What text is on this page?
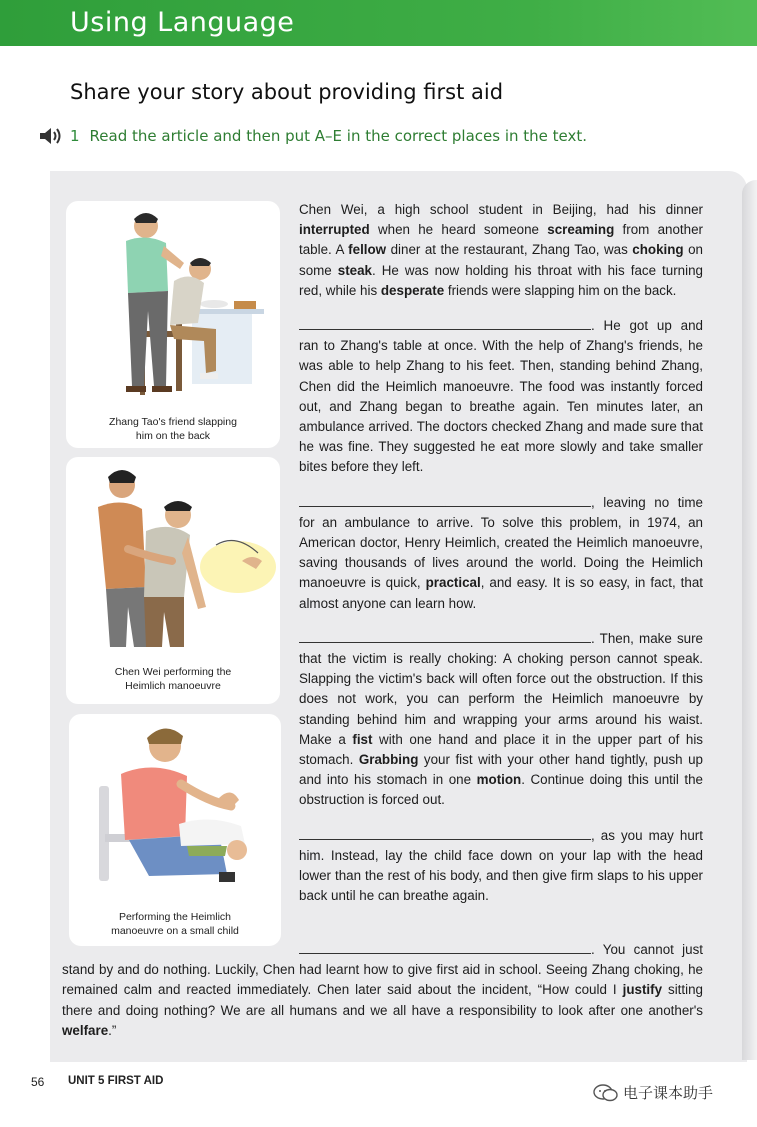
Using Language
Share your story about providing first aid
1 Read the article and then put A–E in the correct places in the text.
Zhang Tao's friend slapping
him on the back
Chen Wei performing the
Heimlich manoeuvre
Performing the Heimlich
manoeuvre on a small child

Chen Wei, a high school student in Beijing, had his dinner interrupted when he heard someone screaming from another table. A fellow diner at the restaurant, Zhang Tao, was choking on some steak. He was now holding his throat with his face turning red, while his desperate friends were slapping him on the back.

. He got up and ran to Zhang's table at once. With the help of Zhang's friends, he was able to help Zhang to his feet. Then, standing behind Zhang, Chen did the Heimlich manoeuvre. The food was instantly forced out, and Zhang began to breathe again. Ten minutes later, an ambulance arrived. The doctors checked Zhang and made sure that he was fine. They suggested he eat more slowly and take smaller bites before they left.

, leaving no time for an ambulance to arrive. To solve this problem, in 1974, an American doctor, Henry Heimlich, created the Heimlich manoeuvre, saving thousands of lives around the world. Doing the Heimlich manoeuvre is quick, practical, and easy. It is so easy, in fact, that almost anyone can learn how.

. Then, make sure that the victim is really choking: A choking person cannot speak. Slapping the victim's back will often force out the obstruction. If this does not work, you can perform the Heimlich manoeuvre by standing behind him and wrapping your arms around his waist. Make a fist with one hand and place it in the upper part of his stomach. Grabbing your fist with your other hand tightly, push up and into his stomach in one motion. Continue doing this until the obstruction is forced out.

, as you may hurt him. Instead, lay the child face down on your lap with the head lower than the rest of his body, and then give firm slaps to his upper back until he can breathe again.

. You cannot just stand by and do nothing. Luckily, Chen had learnt how to give first aid in school. Seeing Zhang choking, he remained calm and reacted immediately. Chen later said about the incident, “How could I justify sitting there and doing nothing? We are all humans and we all have a responsibility to look after one another's welfare.”
56 UNIT 5 FIRST AID
电子课本助手
